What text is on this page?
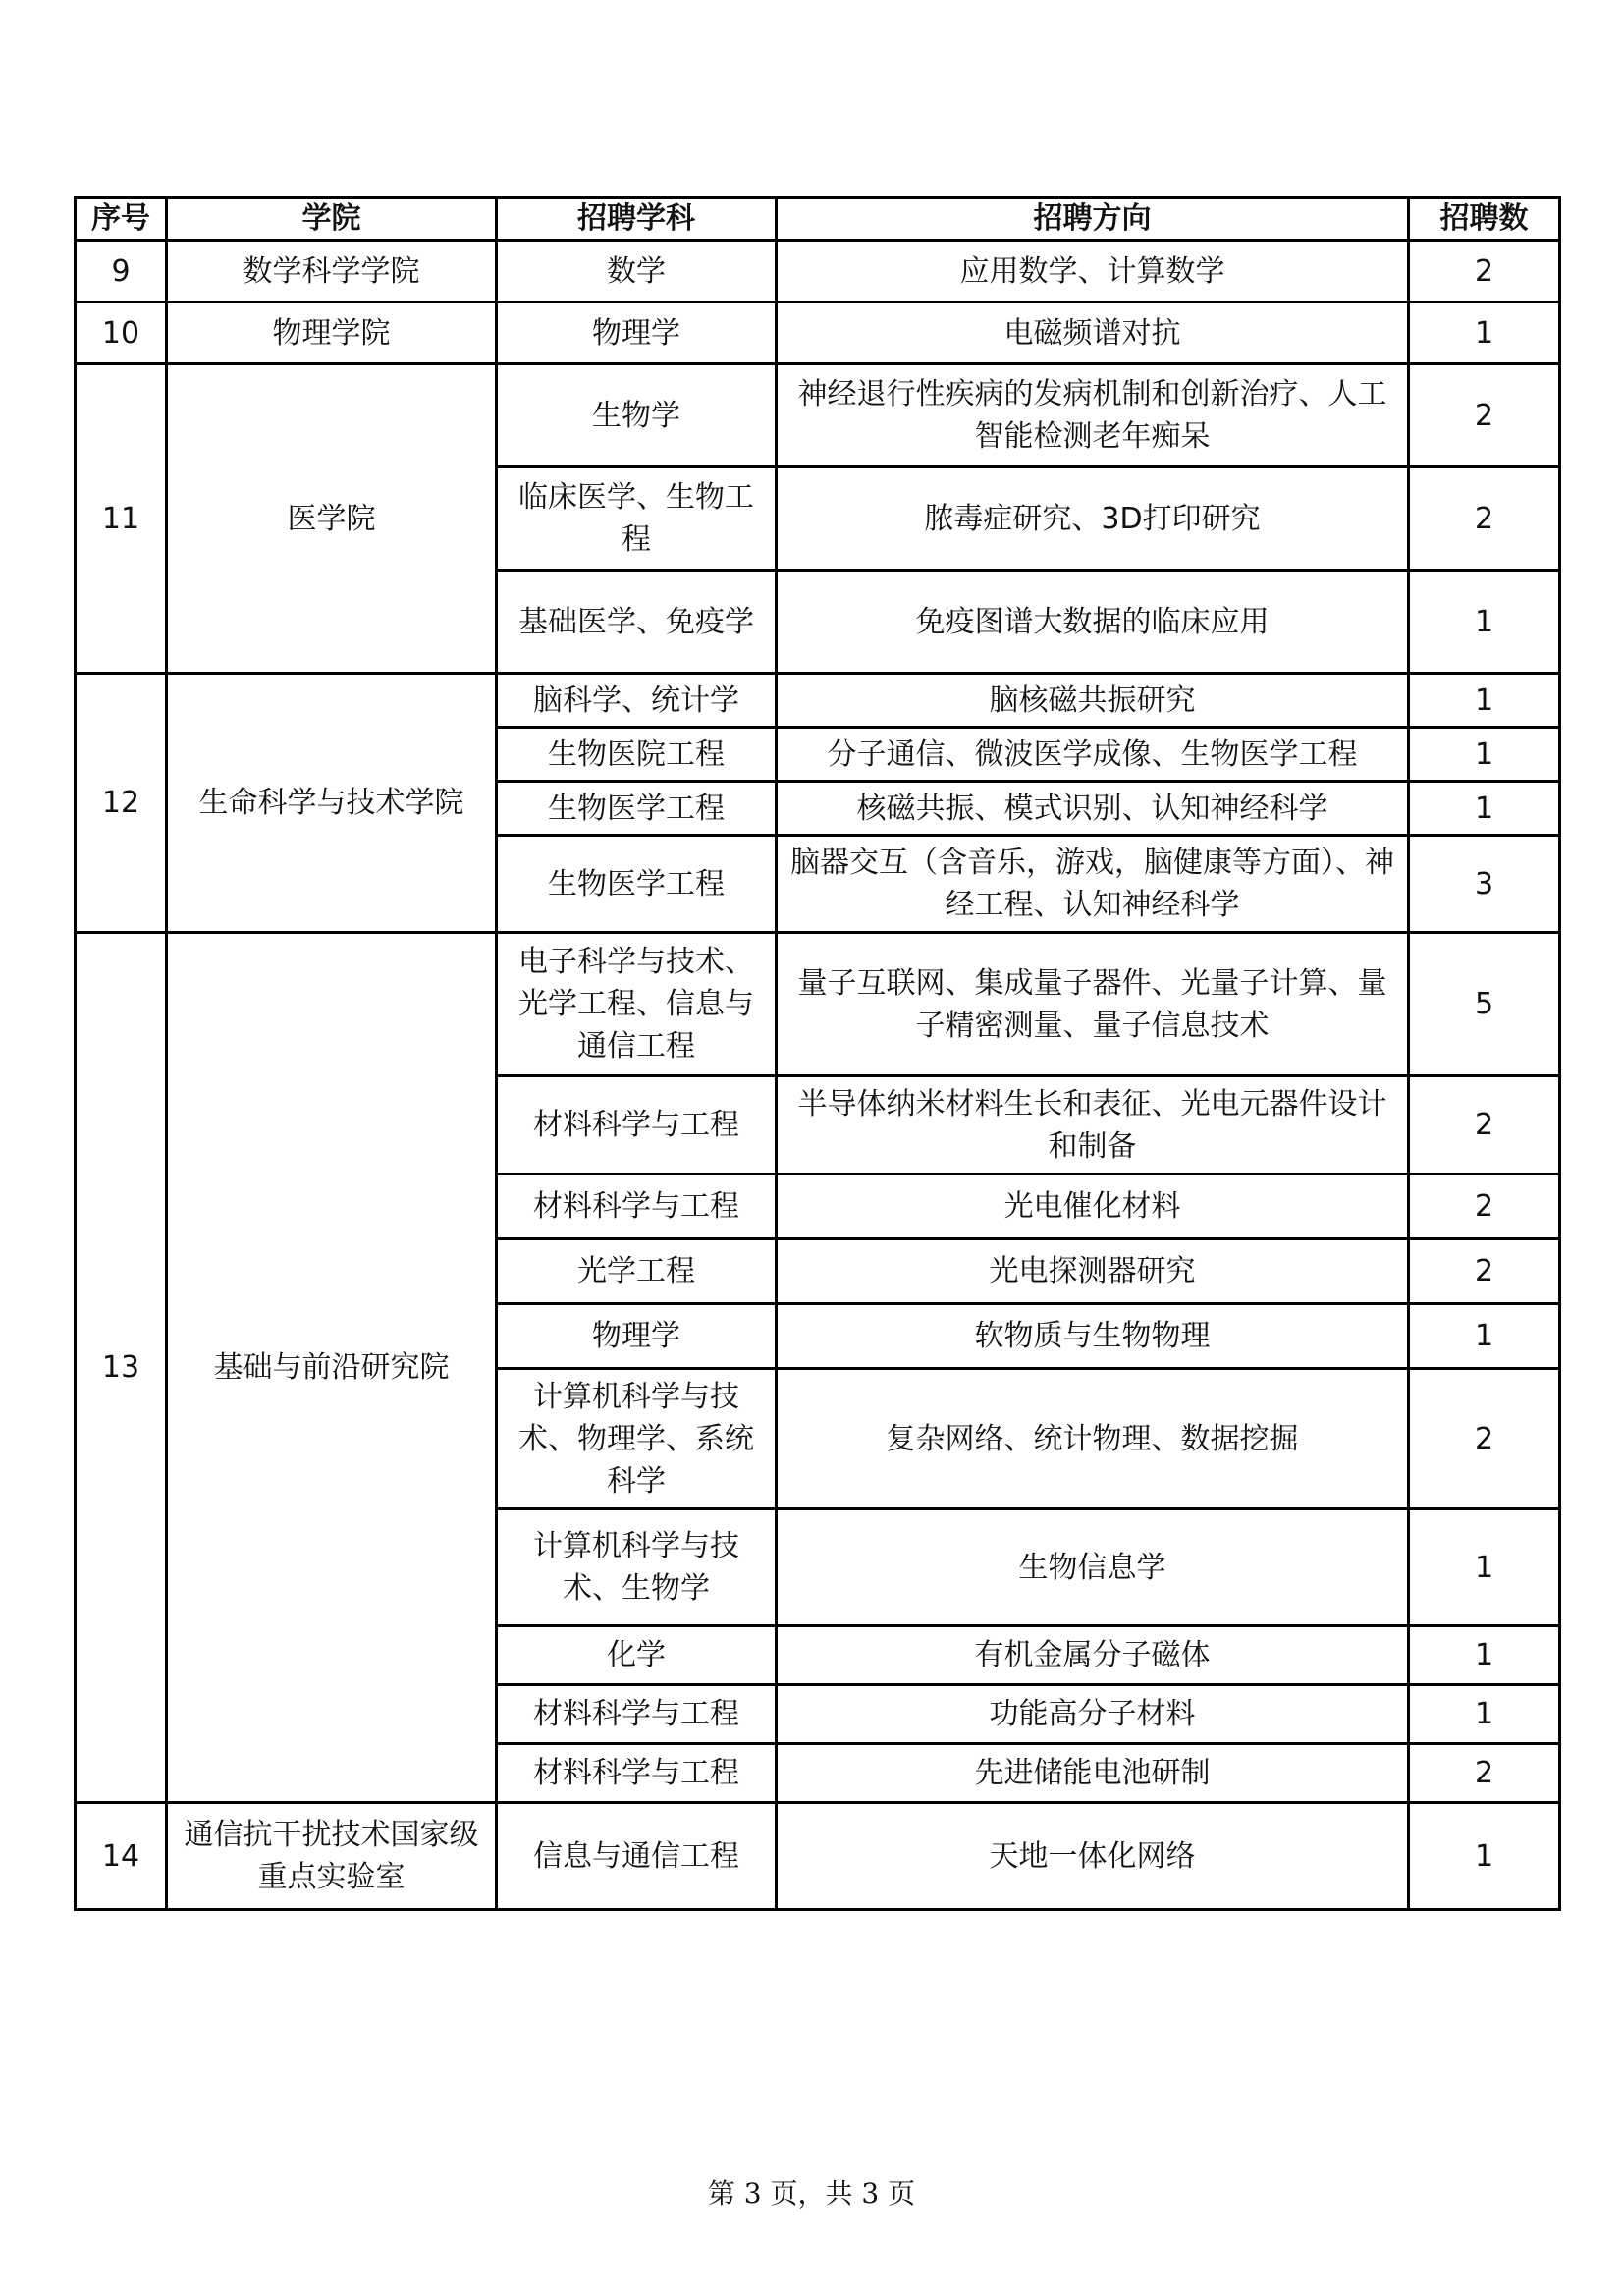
序号	学院	招聘学科	招聘方向	招聘数
9	数学科学学院	数学	应用数学、计算数学	2
10	物理学院	物理学	电磁频谱对抗	1
11	医学院	生物学	神经退行性疾病的发病机制和创新治疗、人工智能检测老年痴呆	2
		临床医学、生物工程	脓毒症研究、3D打印研究	2
		基础医学、免疫学	免疫图谱大数据的临床应用	1
12	生命科学与技术学院	脑科学、统计学	脑核磁共振研究	1
		生物医院工程	分子通信、微波医学成像、生物医学工程	1
		生物医学工程	核磁共振、模式识别、认知神经科学	1
		生物医学工程	脑器交互（含音乐，游戏，脑健康等方面）、神经工程、认知神经科学	3
13	基础与前沿研究院	电子科学与技术、光学工程、信息与通信工程	量子互联网、集成量子器件、光量子计算、量子精密测量、量子信息技术	5
		材料科学与工程	半导体纳米材料生长和表征、光电元器件设计和制备	2
		材料科学与工程	光电催化材料	2
		光学工程	光电探测器研究	2
		物理学	软物质与生物物理	1
		计算机科学与技术、物理学、系统科学	复杂网络、统计物理、数据挖掘	2
		计算机科学与技术、生物学	生物信息学	1
		化学	有机金属分子磁体	1
		材料科学与工程	功能高分子材料	1
		材料科学与工程	先进储能电池研制	2
14	通信抗干扰技术国家级重点实验室	信息与通信工程	天地一体化网络	1
第 3 页，共 3 页
